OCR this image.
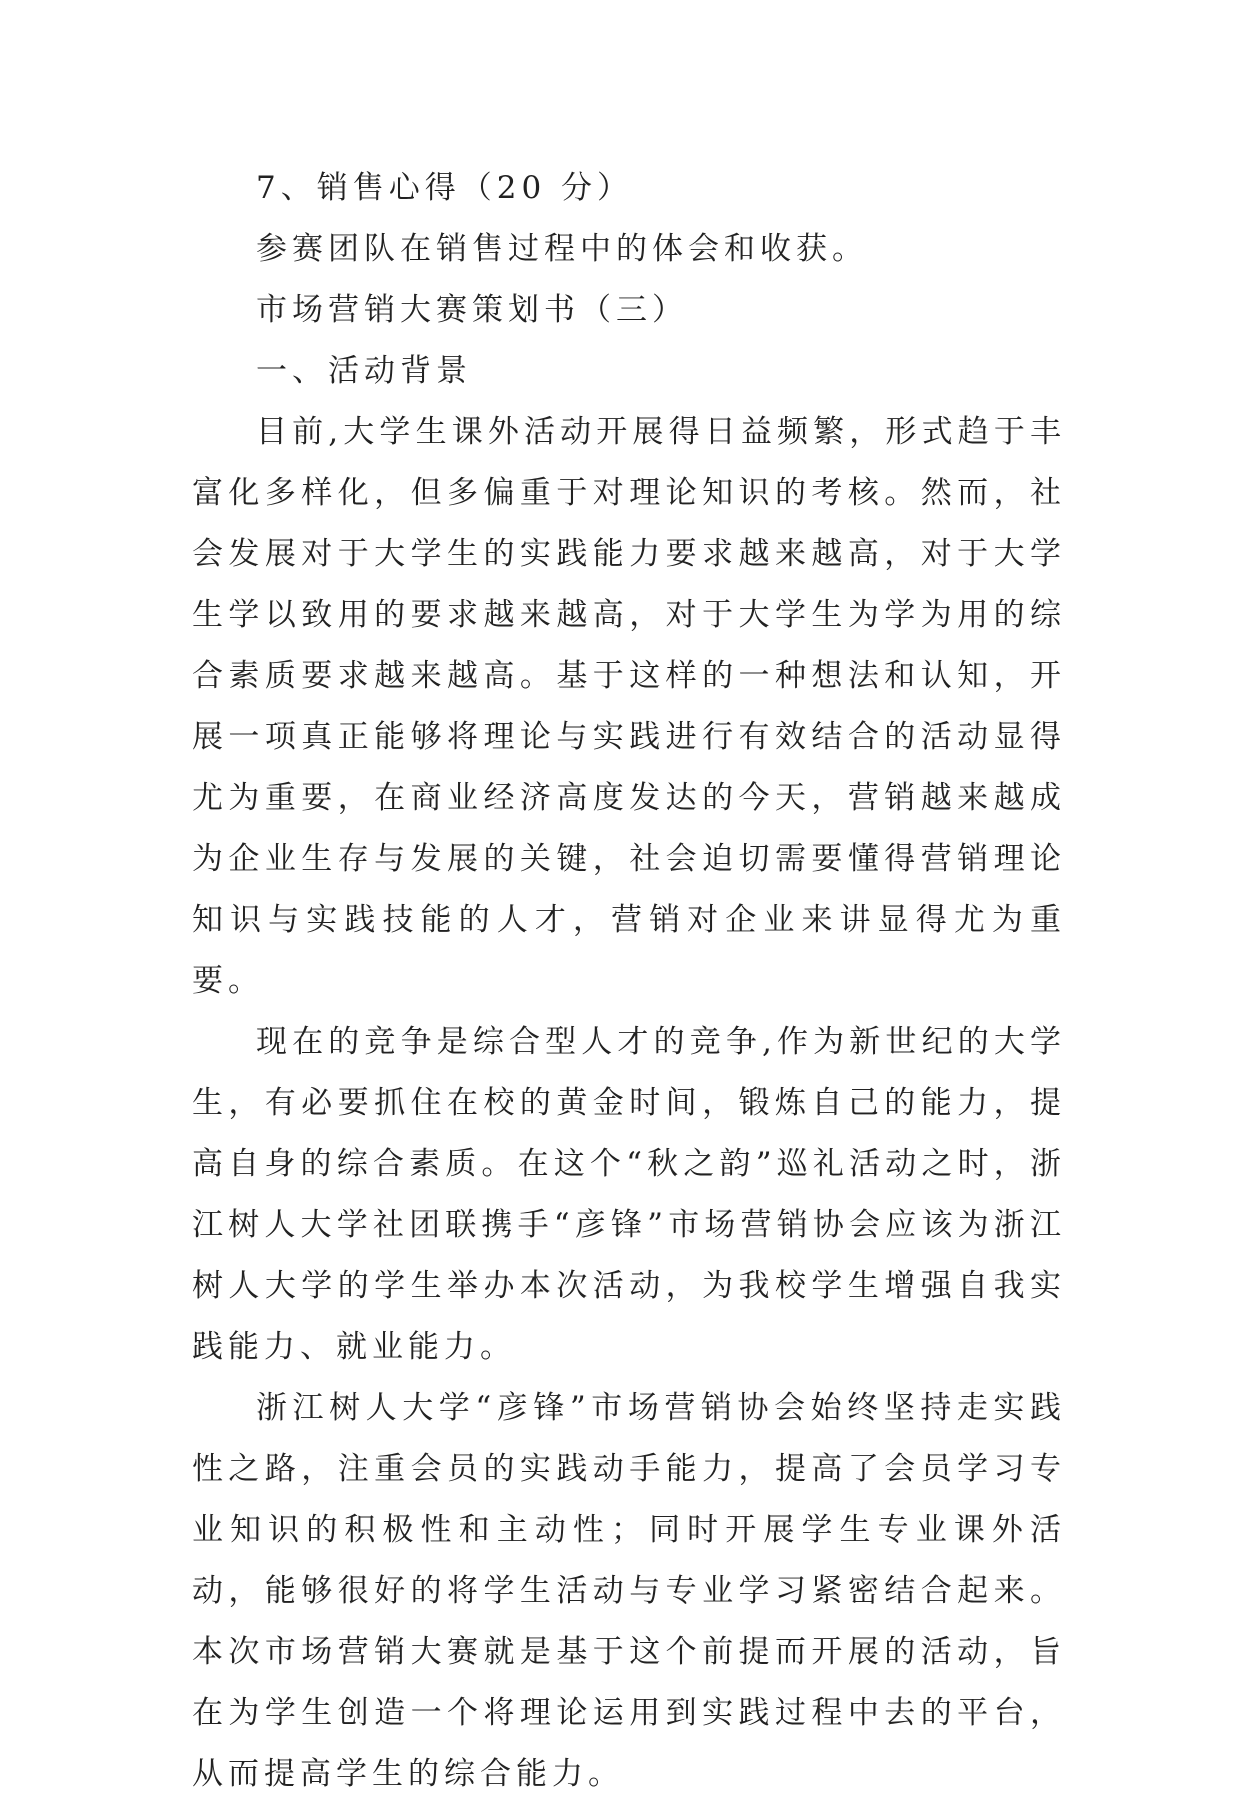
7、销售心得（20 分）

参赛团队在销售过程中的体会和收获。

市场营销大赛策划书（三）

一、活动背景

目前,大学生课外活动开展得日益频繁，形式趋于丰富化多样化，但多偏重于对理论知识的考核。然而，社会发展对于大学生的实践能力要求越来越高，对于大学生学以致用的要求越来越高，对于大学生为学为用的综合素质要求越来越高。基于这样的一种想法和认知，开展一项真正能够将理论与实践进行有效结合的活动显得尤为重要，在商业经济高度发达的今天，营销越来越成为企业生存与发展的关键，社会迫切需要懂得营销理论知识与实践技能的人才，营销对企业来讲显得尤为重要。

现在的竞争是综合型人才的竞争,作为新世纪的大学生，有必要抓住在校的黄金时间，锻炼自己的能力，提高自身的综合素质。在这个“秋之韵”巡礼活动之时，浙江树人大学社团联携手“彦锋”市场营销协会应该为浙江树人大学的学生举办本次活动，为我校学生增强自我实践能力、就业能力。

浙江树人大学“彦锋”市场营销协会始终坚持走实践性之路，注重会员的实践动手能力，提高了会员学习专业知识的积极性和主动性；同时开展学生专业课外活动，能够很好的将学生活动与专业学习紧密结合起来。本次市场营销大赛就是基于这个前提而开展的活动，旨在为学生创造一个将理论运用到实践过程中去的平台，从而提高学生的综合能力。
